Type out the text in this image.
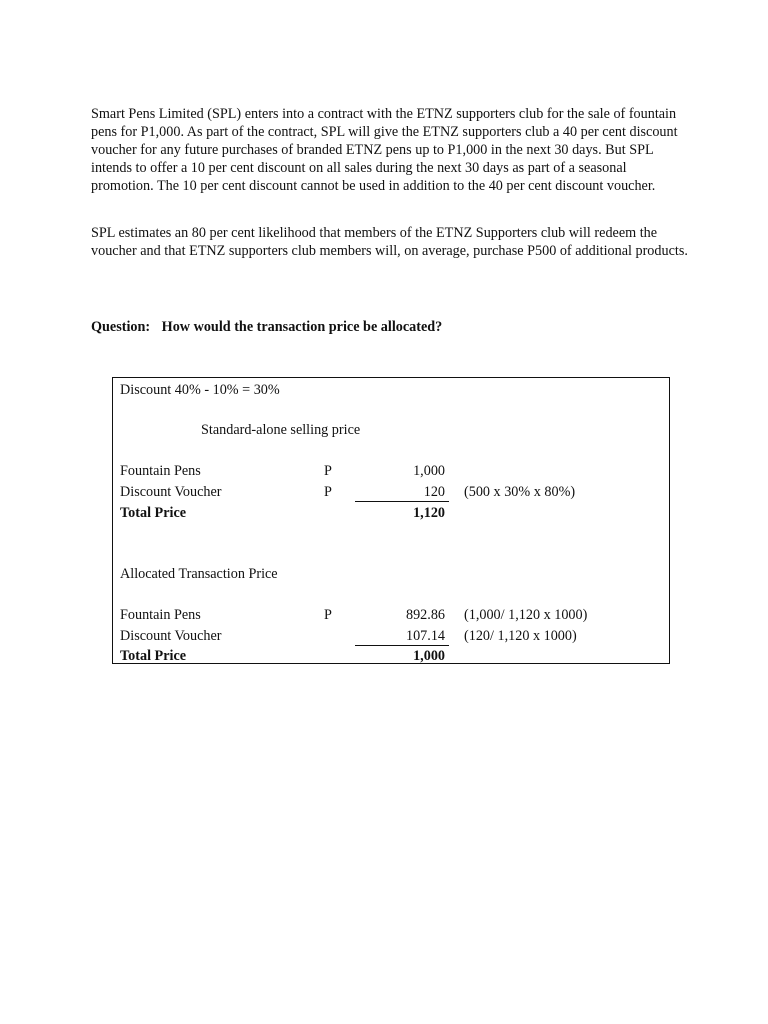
Smart Pens Limited (SPL) enters into a contract with the ETNZ supporters club for the sale of fountain pens for P1,000. As part of the contract, SPL will give the ETNZ supporters club a 40 per cent discount voucher for any future purchases of branded ETNZ pens up to P1,000 in the next 30 days. But SPL intends to offer a 10 per cent discount on all sales during the next 30 days as part of a seasonal promotion. The 10 per cent discount cannot be used in addition to the 40 per cent discount voucher.

SPL estimates an 80 per cent likelihood that members of the ETNZ Supporters club will redeem the voucher and that ETNZ supporters club members will, on average, purchase P500 of additional products.

Question: How would the transaction price be allocated?
Discount 40% - 10% = 30%
Standard-alone selling price
Fountain Pens	P	1,000
Discount Voucher	P	120 (500 x 30% x 80%)
Total Price	1,120
Allocated Transaction Price
Fountain Pens	P	892.86 (1,000/ 1,120 x 1000)
Discount Voucher	107.14 (120/ 1,120 x 1000)
Total Price	1,000
